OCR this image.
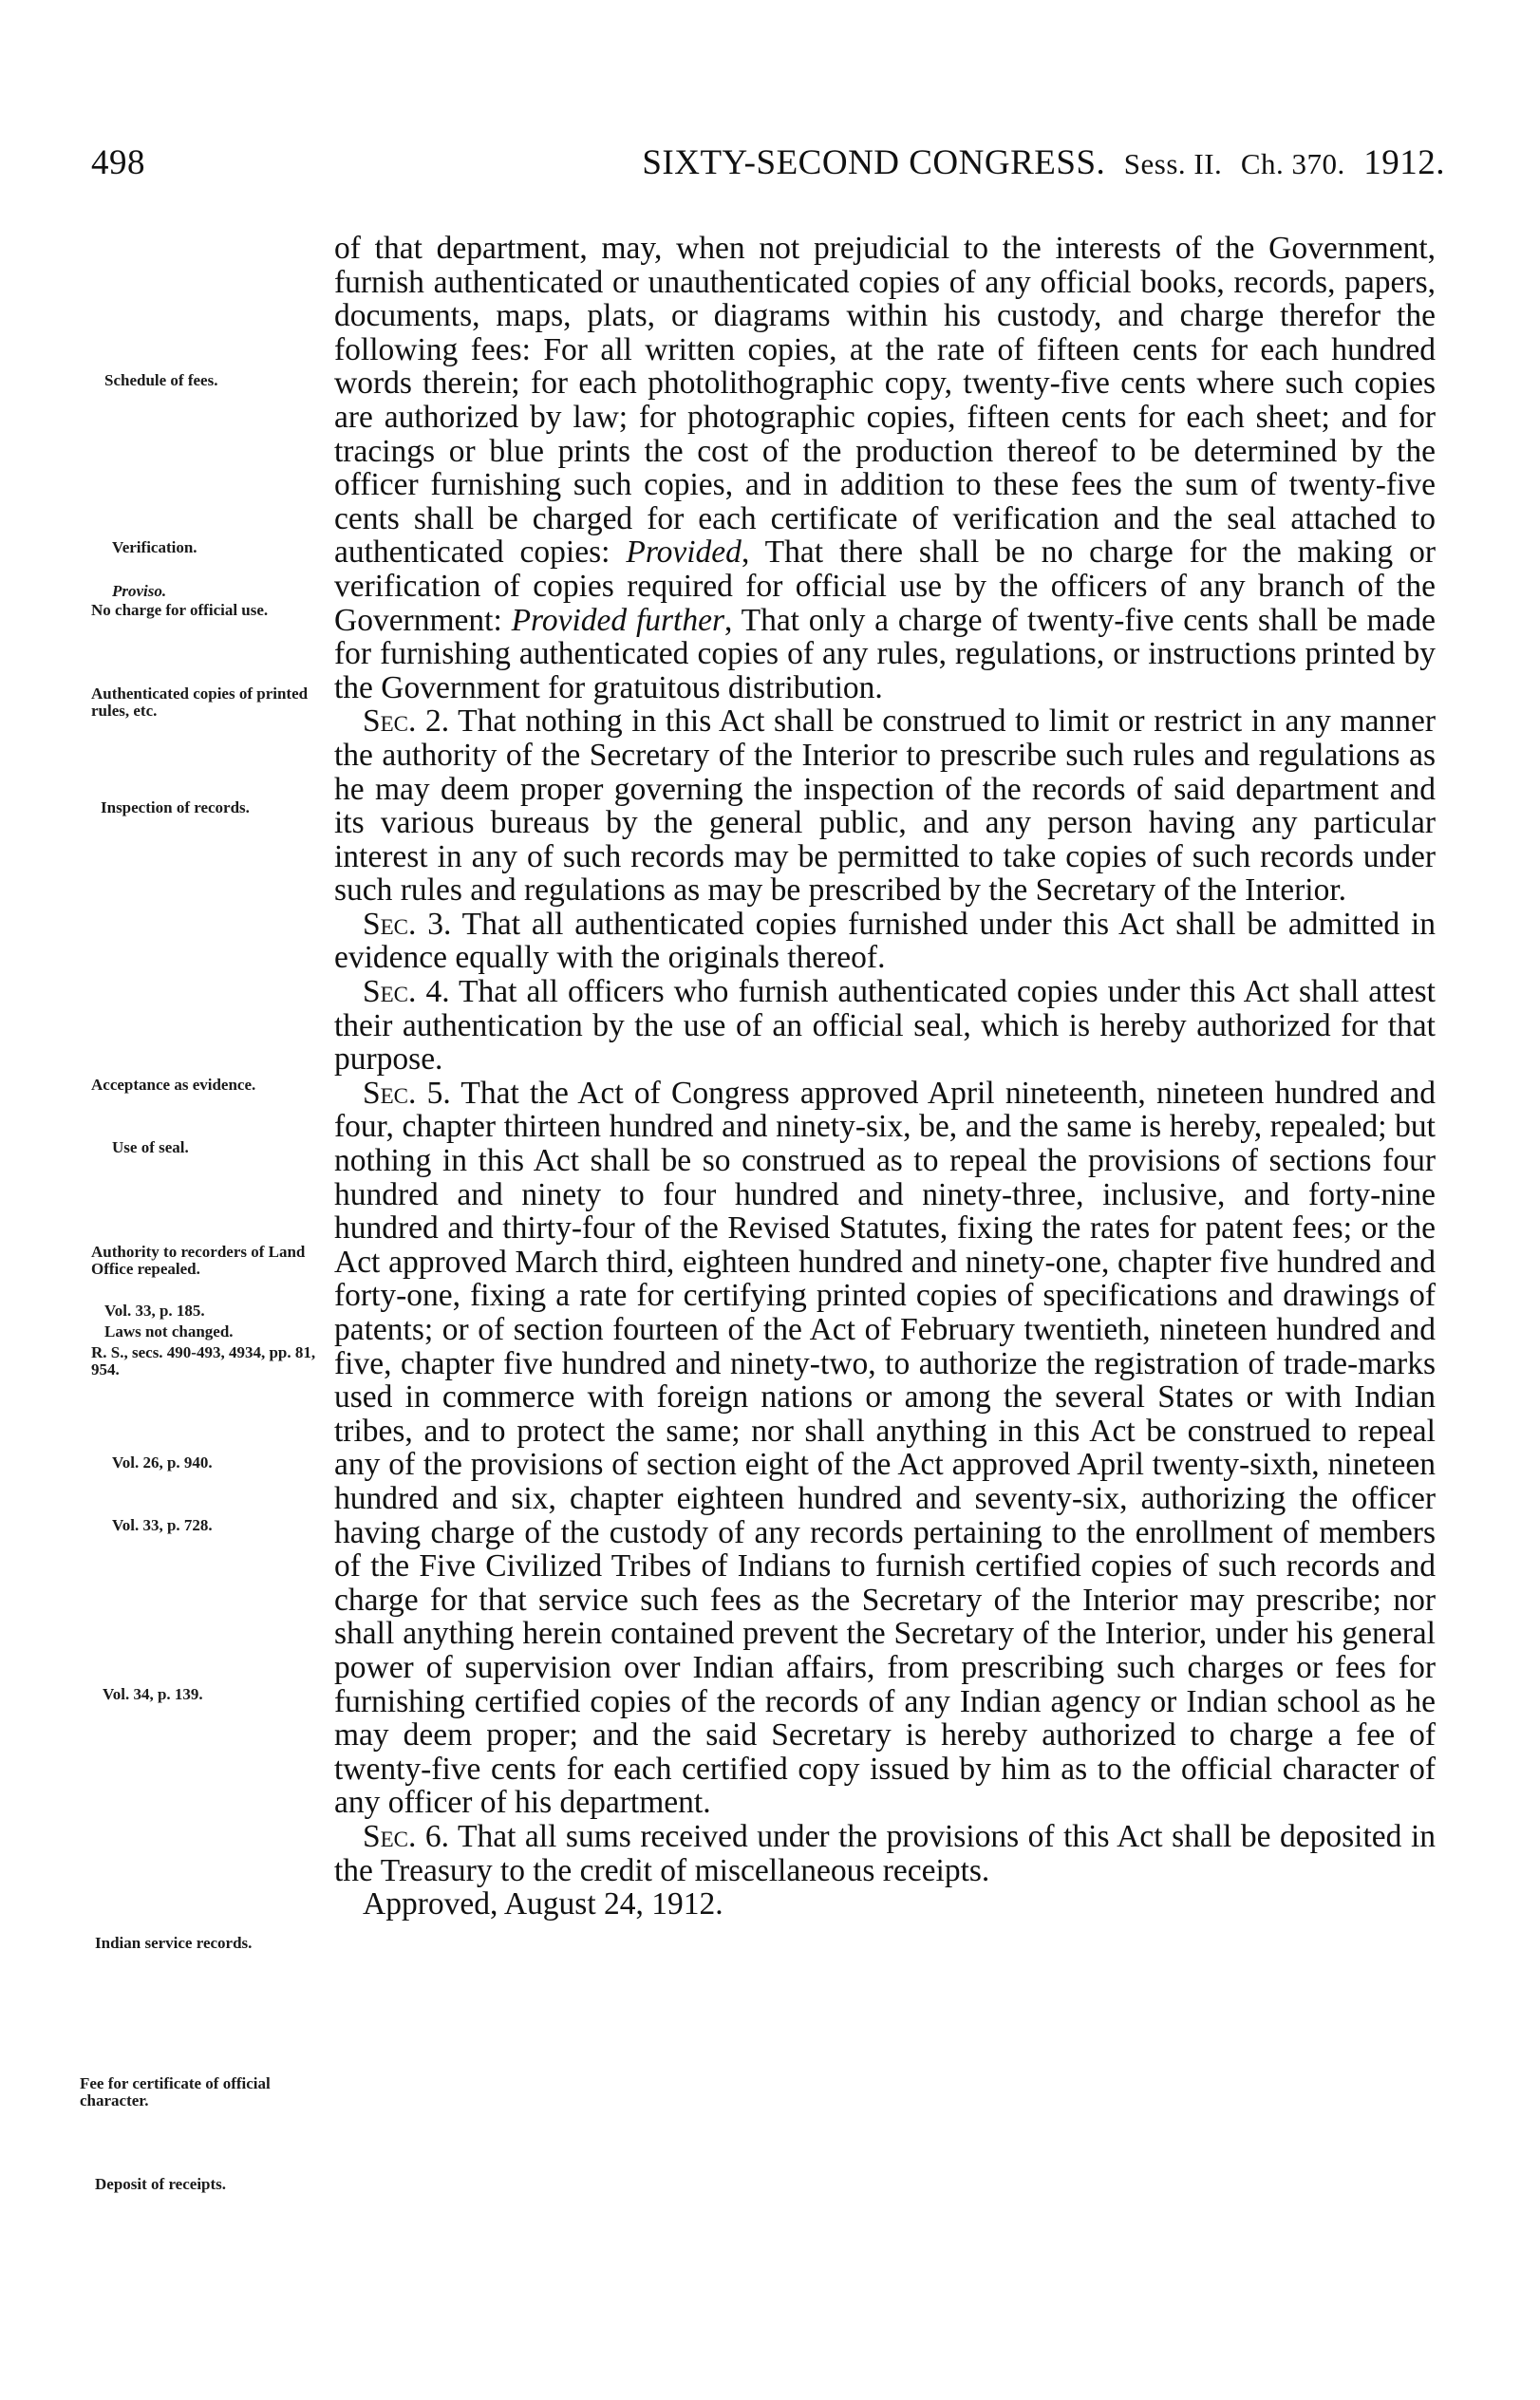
498	SIXTY-SECOND CONGRESS. Sess. II. Ch. 370. 1912.
Schedule of fees.
Verification.
Proviso.
No charge for official use.
Authenticated copies of printed rules, etc.
Inspection of records.
Acceptance as evidence.
Use of seal.
Authority to recorders of Land Office repealed.
Vol. 33, p. 185.
Laws not changed.
R. S., secs. 490-493, 4934, pp. 81, 954.
Vol. 26, p. 940.
Vol. 33, p. 728.
Vol. 34, p. 139.
Indian service records.
Fee for certificate of official character.
Deposit of receipts.

of that department, may, when not prejudicial to the interests of the Government, furnish authenticated or unauthenticated copies of any official books, records, papers, documents, maps, plats, or diagrams within his custody, and charge therefor the following fees: For all written copies, at the rate of fifteen cents for each hundred words therein; for each photolithographic copy, twenty-five cents where such copies are authorized by law; for photographic copies, fifteen cents for each sheet; and for tracings or blue prints the cost of the production thereof to be determined by the officer furnishing such copies, and in addition to these fees the sum of twenty-five cents shall be charged for each certificate of verification and the seal attached to authenticated copies: Provided, That there shall be no charge for the making or verification of copies required for official use by the officers of any branch of the Government: Provided further, That only a charge of twenty-five cents shall be made for furnishing authenticated copies of any rules, regulations, or instructions printed by the Government for gratuitous distribution.

Sec. 2. That nothing in this Act shall be construed to limit or restrict in any manner the authority of the Secretary of the Interior to prescribe such rules and regulations as he may deem proper governing the inspection of the records of said department and its various bureaus by the general public, and any person having any particular interest in any of such records may be permitted to take copies of such records under such rules and regulations as may be prescribed by the Secretary of the Interior.

Sec. 3. That all authenticated copies furnished under this Act shall be admitted in evidence equally with the originals thereof.

Sec. 4. That all officers who furnish authenticated copies under this Act shall attest their authentication by the use of an official seal, which is hereby authorized for that purpose.

Sec. 5. That the Act of Congress approved April nineteenth, nineteen hundred and four, chapter thirteen hundred and ninety-six, be, and the same is hereby, repealed; but nothing in this Act shall be so construed as to repeal the provisions of sections four hundred and ninety to four hundred and ninety-three, inclusive, and forty-nine hundred and thirty-four of the Revised Statutes, fixing the rates for patent fees; or the Act approved March third, eighteen hundred and ninety-one, chapter five hundred and forty-one, fixing a rate for certifying printed copies of specifications and drawings of patents; or of section fourteen of the Act of February twentieth, nineteen hundred and five, chapter five hundred and ninety-two, to authorize the registration of trade-marks used in commerce with foreign nations or among the several States or with Indian tribes, and to protect the same; nor shall anything in this Act be construed to repeal any of the provisions of section eight of the Act approved April twenty-sixth, nineteen hundred and six, chapter eighteen hundred and seventy-six, authorizing the officer having charge of the custody of any records pertaining to the enrollment of members of the Five Civilized Tribes of Indians to furnish certified copies of such records and charge for that service such fees as the Secretary of the Interior may prescribe; nor shall anything herein contained prevent the Secretary of the Interior, under his general power of supervision over Indian affairs, from prescribing such charges or fees for furnishing certified copies of the records of any Indian agency or Indian school as he may deem proper; and the said Secretary is hereby authorized to charge a fee of twenty-five cents for each certified copy issued by him as to the official character of any officer of his department.

Sec. 6. That all sums received under the provisions of this Act shall be deposited in the Treasury to the credit of miscellaneous receipts.

Approved, August 24, 1912.
